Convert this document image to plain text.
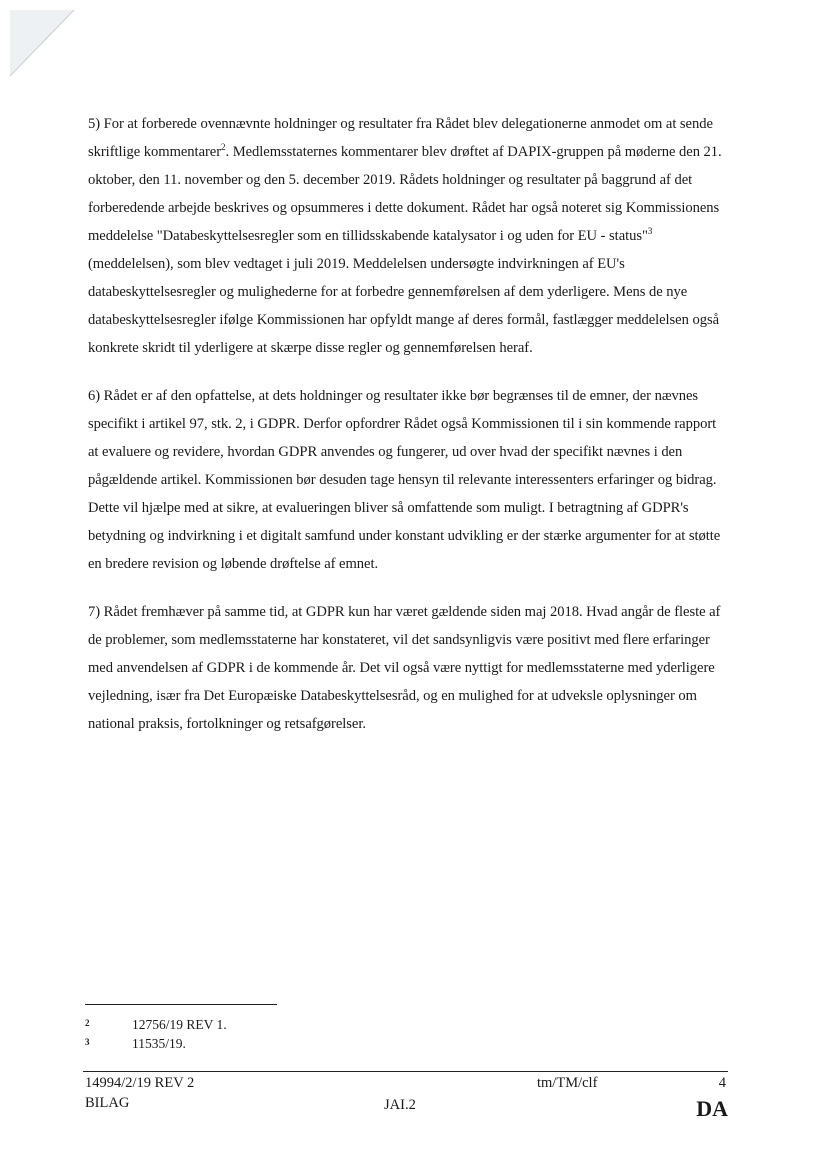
5) For at forberede ovennævnte holdninger og resultater fra Rådet blev delegationerne anmodet om at sende skriftlige kommentarer$^2$. Medlemsstaternes kommentarer blev drøftet af DAPIX-gruppen på møderne den 21. oktober, den 11. november og den 5. december 2019. Rådets holdninger og resultater på baggrund af det forberedende arbejde beskrives og opsummeres i dette dokument. Rådet har også noteret sig Kommissionens meddelelse "Databeskyttelsesregler som en tillidsskabende katalysator i og uden for EU - status"$^3$ (meddelelsen), som blev vedtaget i juli 2019. Meddelelsen undersøgte indvirkningen af EU's databeskyttelsesregler og mulighederne for at forbedre gennemførelsen af dem yderligere. Mens de nye databeskyttelsesregler ifølge Kommissionen har opfyldt mange af deres formål, fastlægger meddelelsen også konkrete skridt til yderligere at skærpe disse regler og gennemførelsen heraf.

6) Rådet er af den opfattelse, at dets holdninger og resultater ikke bør begrænses til de emner, der nævnes specifikt i artikel 97, stk. 2, i GDPR. Derfor opfordrer Rådet også Kommissionen til i sin kommende rapport at evaluere og revidere, hvordan GDPR anvendes og fungerer, ud over hvad der specifikt nævnes i den pågældende artikel. Kommissionen bør desuden tage hensyn til relevante interessenters erfaringer og bidrag. Dette vil hjælpe med at sikre, at evalueringen bliver så omfattende som muligt. I betragtning af GDPR's betydning og indvirkning i et digitalt samfund under konstant udvikling er der stærke argumenter for at støtte en bredere revision og løbende drøftelse af emnet.

7) Rådet fremhæver på samme tid, at GDPR kun har været gældende siden maj 2018. Hvad angår de fleste af de problemer, som medlemsstaterne har konstateret, vil det sandsynligvis være positivt med flere erfaringer med anvendelsen af GDPR i de kommende år. Det vil også være nyttigt for medlemsstaterne med yderligere vejledning, især fra Det Europæiske Databeskyttelsesråd, og en mulighed for at udveksle oplysninger om national praksis, fortolkninger og retsafgørelser.

2	12756/19 REV 1.
3	11535/19.
14994/2/19 REV 2
BILAG
tm/TM/clf
JAI.2
4
DA
